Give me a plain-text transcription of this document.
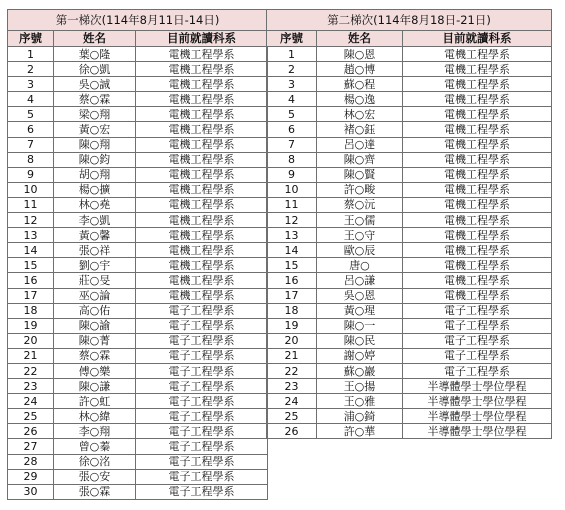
第一梯次(114年8月11日-14日)		
序號	姓名	目前就讀科系
1	葉○隆	電機工程學系
2	徐○凱	電機工程學系
3	吳○誠	電機工程學系
4	蔡○霖	電機工程學系
5	梁○翔	電機工程學系
6	黃○宏	電機工程學系
7	陳○翔	電機工程學系
8	陳○鈞	電機工程學系
9	胡○翔	電機工程學系
10	楊○擴	電機工程學系
11	林○堯	電機工程學系
12	李○凱	電機工程學系
13	黃○馨	電機工程學系
14	張○祥	電機工程學系
15	劉○宇	電機工程學系
16	莊○旻	電機工程學系
17	巫○論	電機工程學系
18	高○佑	電子工程學系
19	陳○諭	電子工程學系
20	陳○菁	電子工程學系
21	蔡○霖	電子工程學系
22	傅○樂	電子工程學系
23	陳○謙	電子工程學系
24	許○虹	電子工程學系
25	林○緯	電子工程學系
26	李○翔	電子工程學系
27	曾○蓁	電子工程學系
28	徐○洺	電子工程學系
29	張○安	電子工程學系
30	張○霖	電子工程學系
第二梯次(114年8月18日-21日)		
序號	姓名	目前就讀科系
1	陳○恩	電機工程學系
2	趙○博	電機工程學系
3	蘇○程	電機工程學系
4	楊○逸	電機工程學系
5	林○宏	電機工程學系
6	褚○鈺	電機工程學系
7	呂○達	電機工程學系
8	陳○齊	電機工程學系
9	陳○賢	電機工程學系
10	許○畯	電機工程學系
11	蔡○沅	電機工程學系
12	王○儒	電機工程學系
13	王○守	電機工程學系
14	歐○辰	電機工程學系
15	唐○	電機工程學系
16	呂○謙	電機工程學系
17	吳○恩	電機工程學系
18	黃○瑆	電子工程學系
19	陳○一	電子工程學系
20	陳○民	電子工程學系
21	謝○婷	電子工程學系
22	蘇○巖	電子工程學系
23	王○揚	半導體學士學位學程
24	王○雅	半導體學士學位學程
25	浦○錡	半導體學士學位學程
26	許○華	半導體學士學位學程
